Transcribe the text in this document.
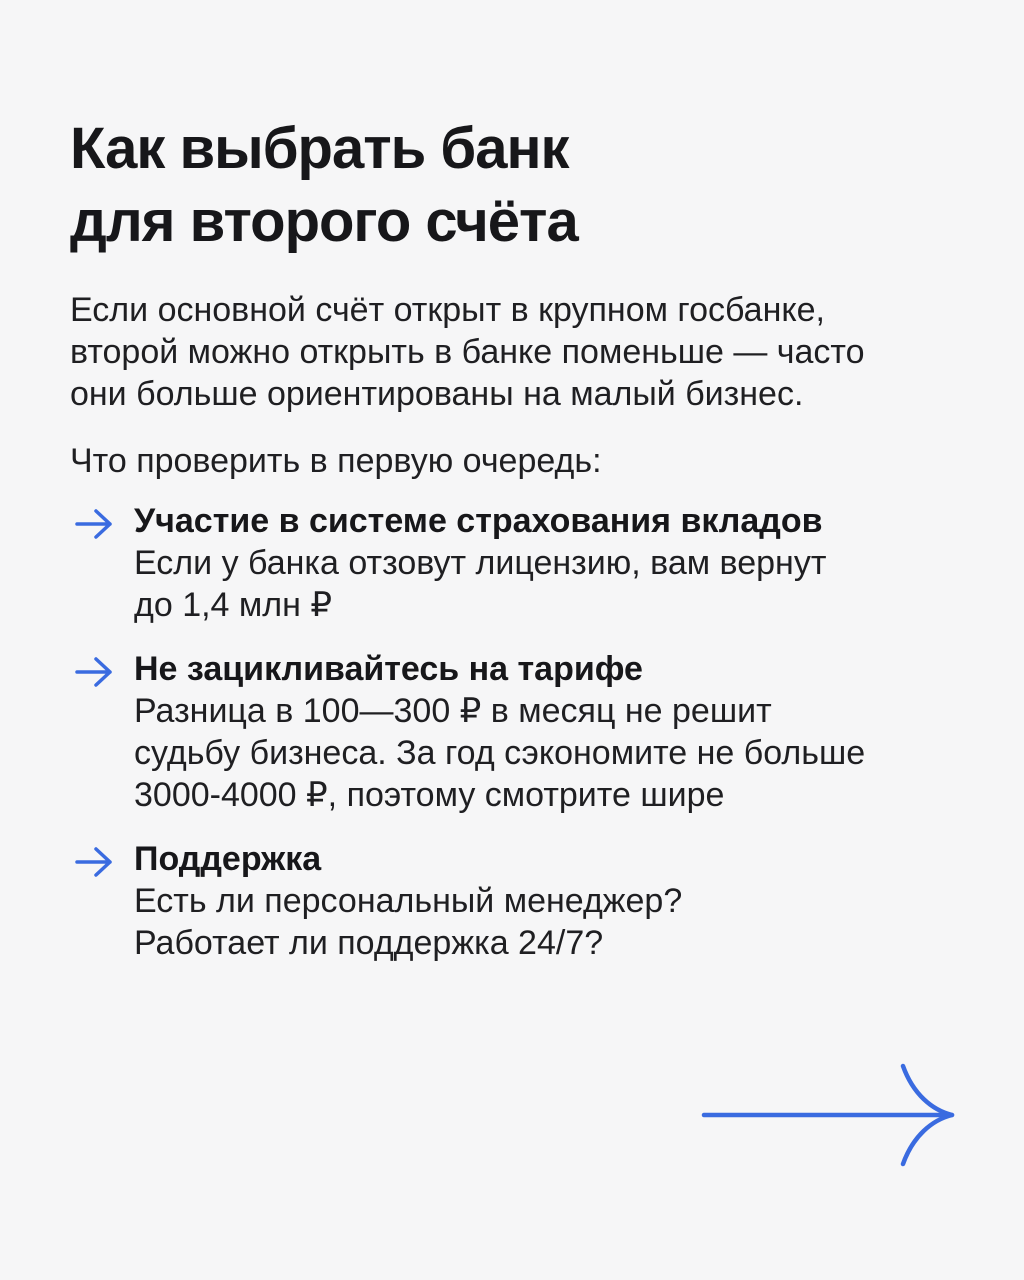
Как выбрать банк
для второго счёта

Если основной счёт открыт в крупном госбанке,
второй можно открыть в банке поменьше — часто
они больше ориентированы на малый бизнес.

Что проверить в первую очередь:

Участие в системе страхования вкладов
Если у банка отзовут лицензию, вам вернут
до 1,4 млн ₽
Не зацикливайтесь на тарифе
Разница в 100—300 ₽ в месяц не решит
судьбу бизнеса. За год сэкономите не больше
3000-4000 ₽, поэтому смотрите шире
Поддержка
Есть ли персональный менеджер?
Работает ли поддержка 24/7?
